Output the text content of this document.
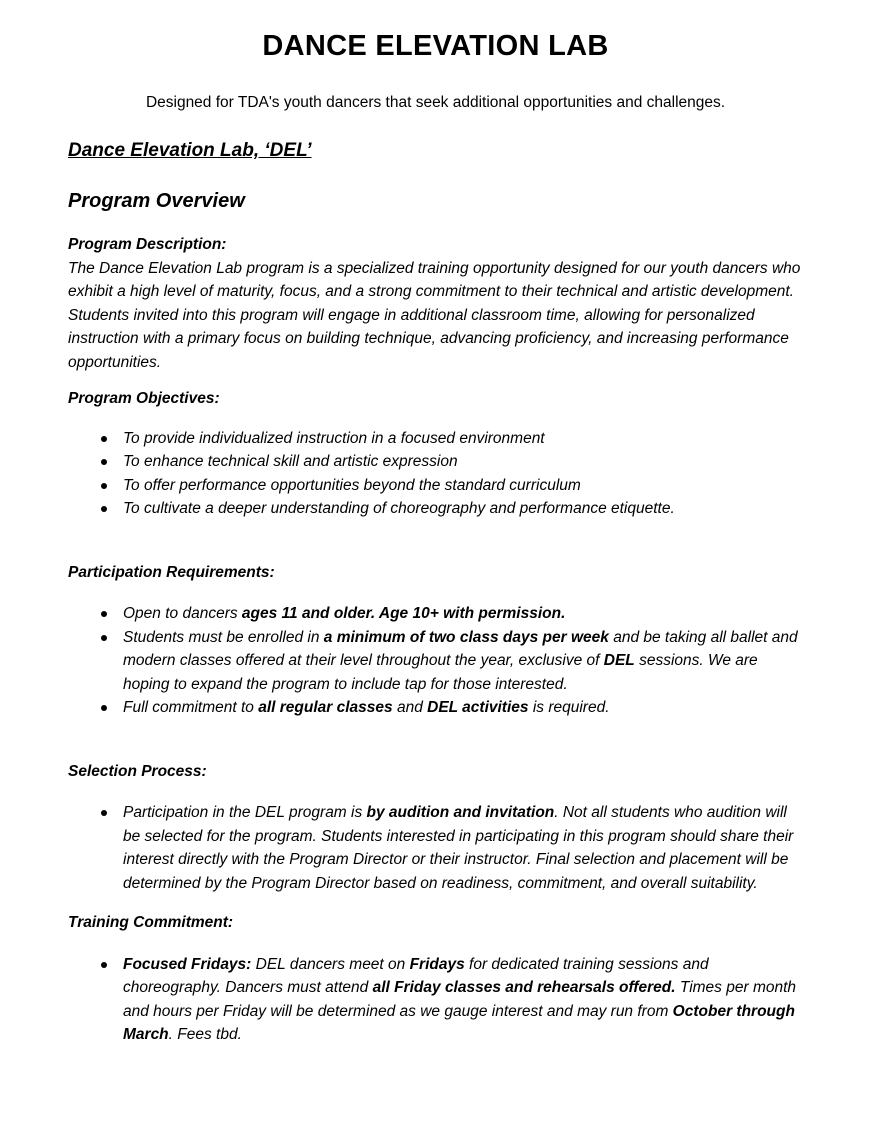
DANCE ELEVATION LAB

Designed for TDA's youth dancers that seek additional opportunities and challenges.

Dance Elevation Lab, ‘DEL’
Program Overview
Program Description:

The Dance Elevation Lab program is a specialized training opportunity designed for our youth dancers who exhibit a high level of maturity, focus, and a strong commitment to their technical and artistic development. Students invited into this program will engage in additional classroom time, allowing for personalized instruction with a primary focus on building technique, advancing proficiency, and increasing performance opportunities.

Program Objectives:
To provide individualized instruction in a focused environment
To enhance technical skill and artistic expression
To offer performance opportunities beyond the standard curriculum
To cultivate a deeper understanding of choreography and performance etiquette.
Participation Requirements:
Open to dancers ages 11 and older. Age 10+ with permission.
Students must be enrolled in a minimum of two class days per week and be taking all ballet and modern classes offered at their level throughout the year, exclusive of DEL sessions. We are hoping to expand the program to include tap for those interested.
Full commitment to all regular classes and DEL activities is required.
Selection Process:
Participation in the DEL program is by audition and invitation. Not all students who audition will be selected for the program. Students interested in participating in this program should share their interest directly with the Program Director or their instructor. Final selection and placement will be determined by the Program Director based on readiness, commitment, and overall suitability.
Training Commitment:
Focused Fridays: DEL dancers meet on Fridays for dedicated training sessions and choreography. Dancers must attend all Friday classes and rehearsals offered. Times per month and hours per Friday will be determined as we gauge interest and may run from October through March. Fees tbd.
